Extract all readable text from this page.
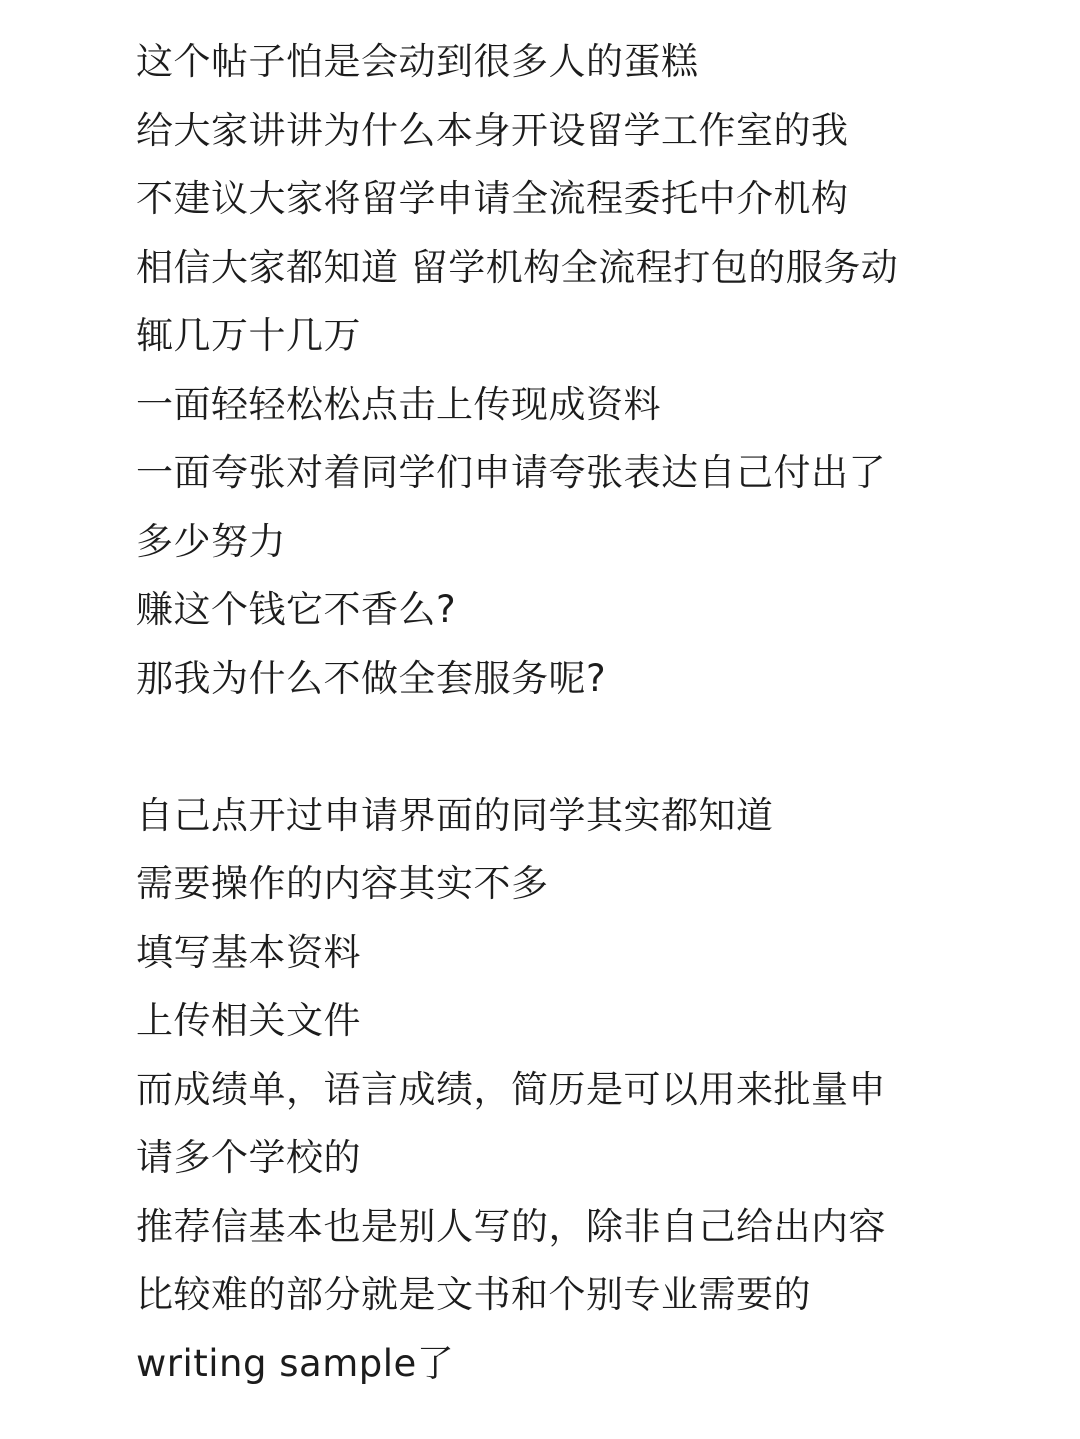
这个帖子怕是会动到很多人的蛋糕
给大家讲讲为什么本身开设留学工作室的我
不建议大家将留学申请全流程委托中介机构
相信大家都知道 留学机构全流程打包的服务动
辄几万十几万
一面轻轻松松点击上传现成资料
一面夸张对着同学们申请夸张表达自己付出了
多少努力
赚这个钱它不香么?
那我为什么不做全套服务呢?
自己点开过申请界面的同学其实都知道
需要操作的内容其实不多
填写基本资料
上传相关文件
而成绩单，语言成绩，简历是可以用来批量申
请多个学校的
推荐信基本也是别人写的，除非自己给出内容
比较难的部分就是文书和个别专业需要的
writing sample了
